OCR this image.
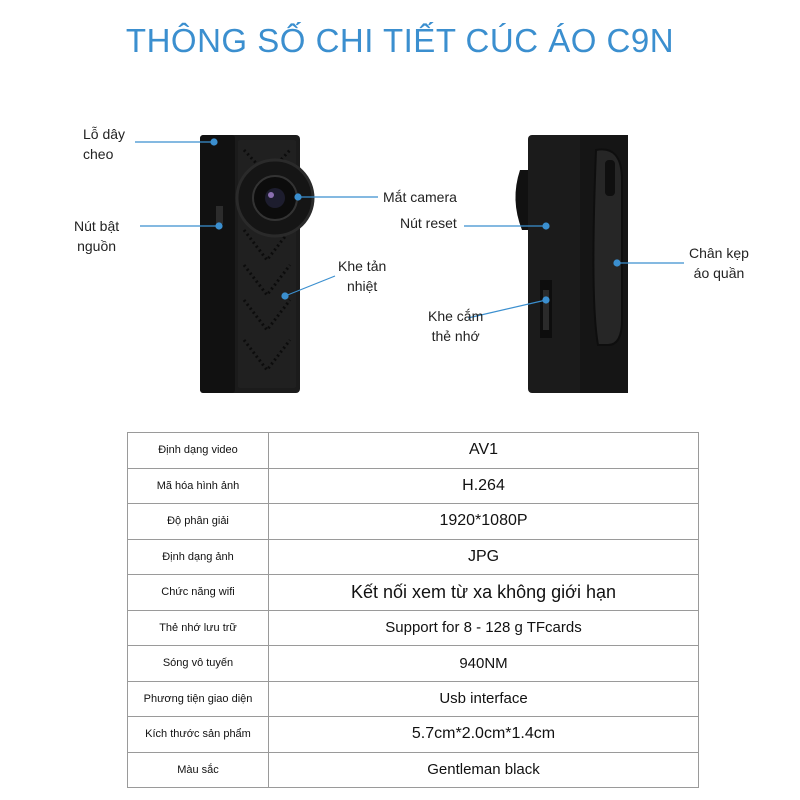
THÔNG SỐ CHI TIẾT CÚC ÁO C9N
Lỗ dây
cheo
Nút bật
nguồn
Mắt camera
Khe tản
nhiệt
Nút reset
Khe cắm
thẻ nhớ
Chân kẹp
áo quần
Định dạng video	AV1
Mã hóa hình ảnh	H.264
Độ phân giải	1920*1080P
Định dạng ảnh	JPG
Chức năng wifi	Kết nối xem từ xa không giới hạn
Thẻ nhớ lưu trữ	Support for 8 - 128 g TFcards
Sóng vô tuyến	940NM
Phương tiện giao diện	Usb interface
Kích thước sản phẩm	5.7cm*2.0cm*1.4cm
Màu sắc	Gentleman black
